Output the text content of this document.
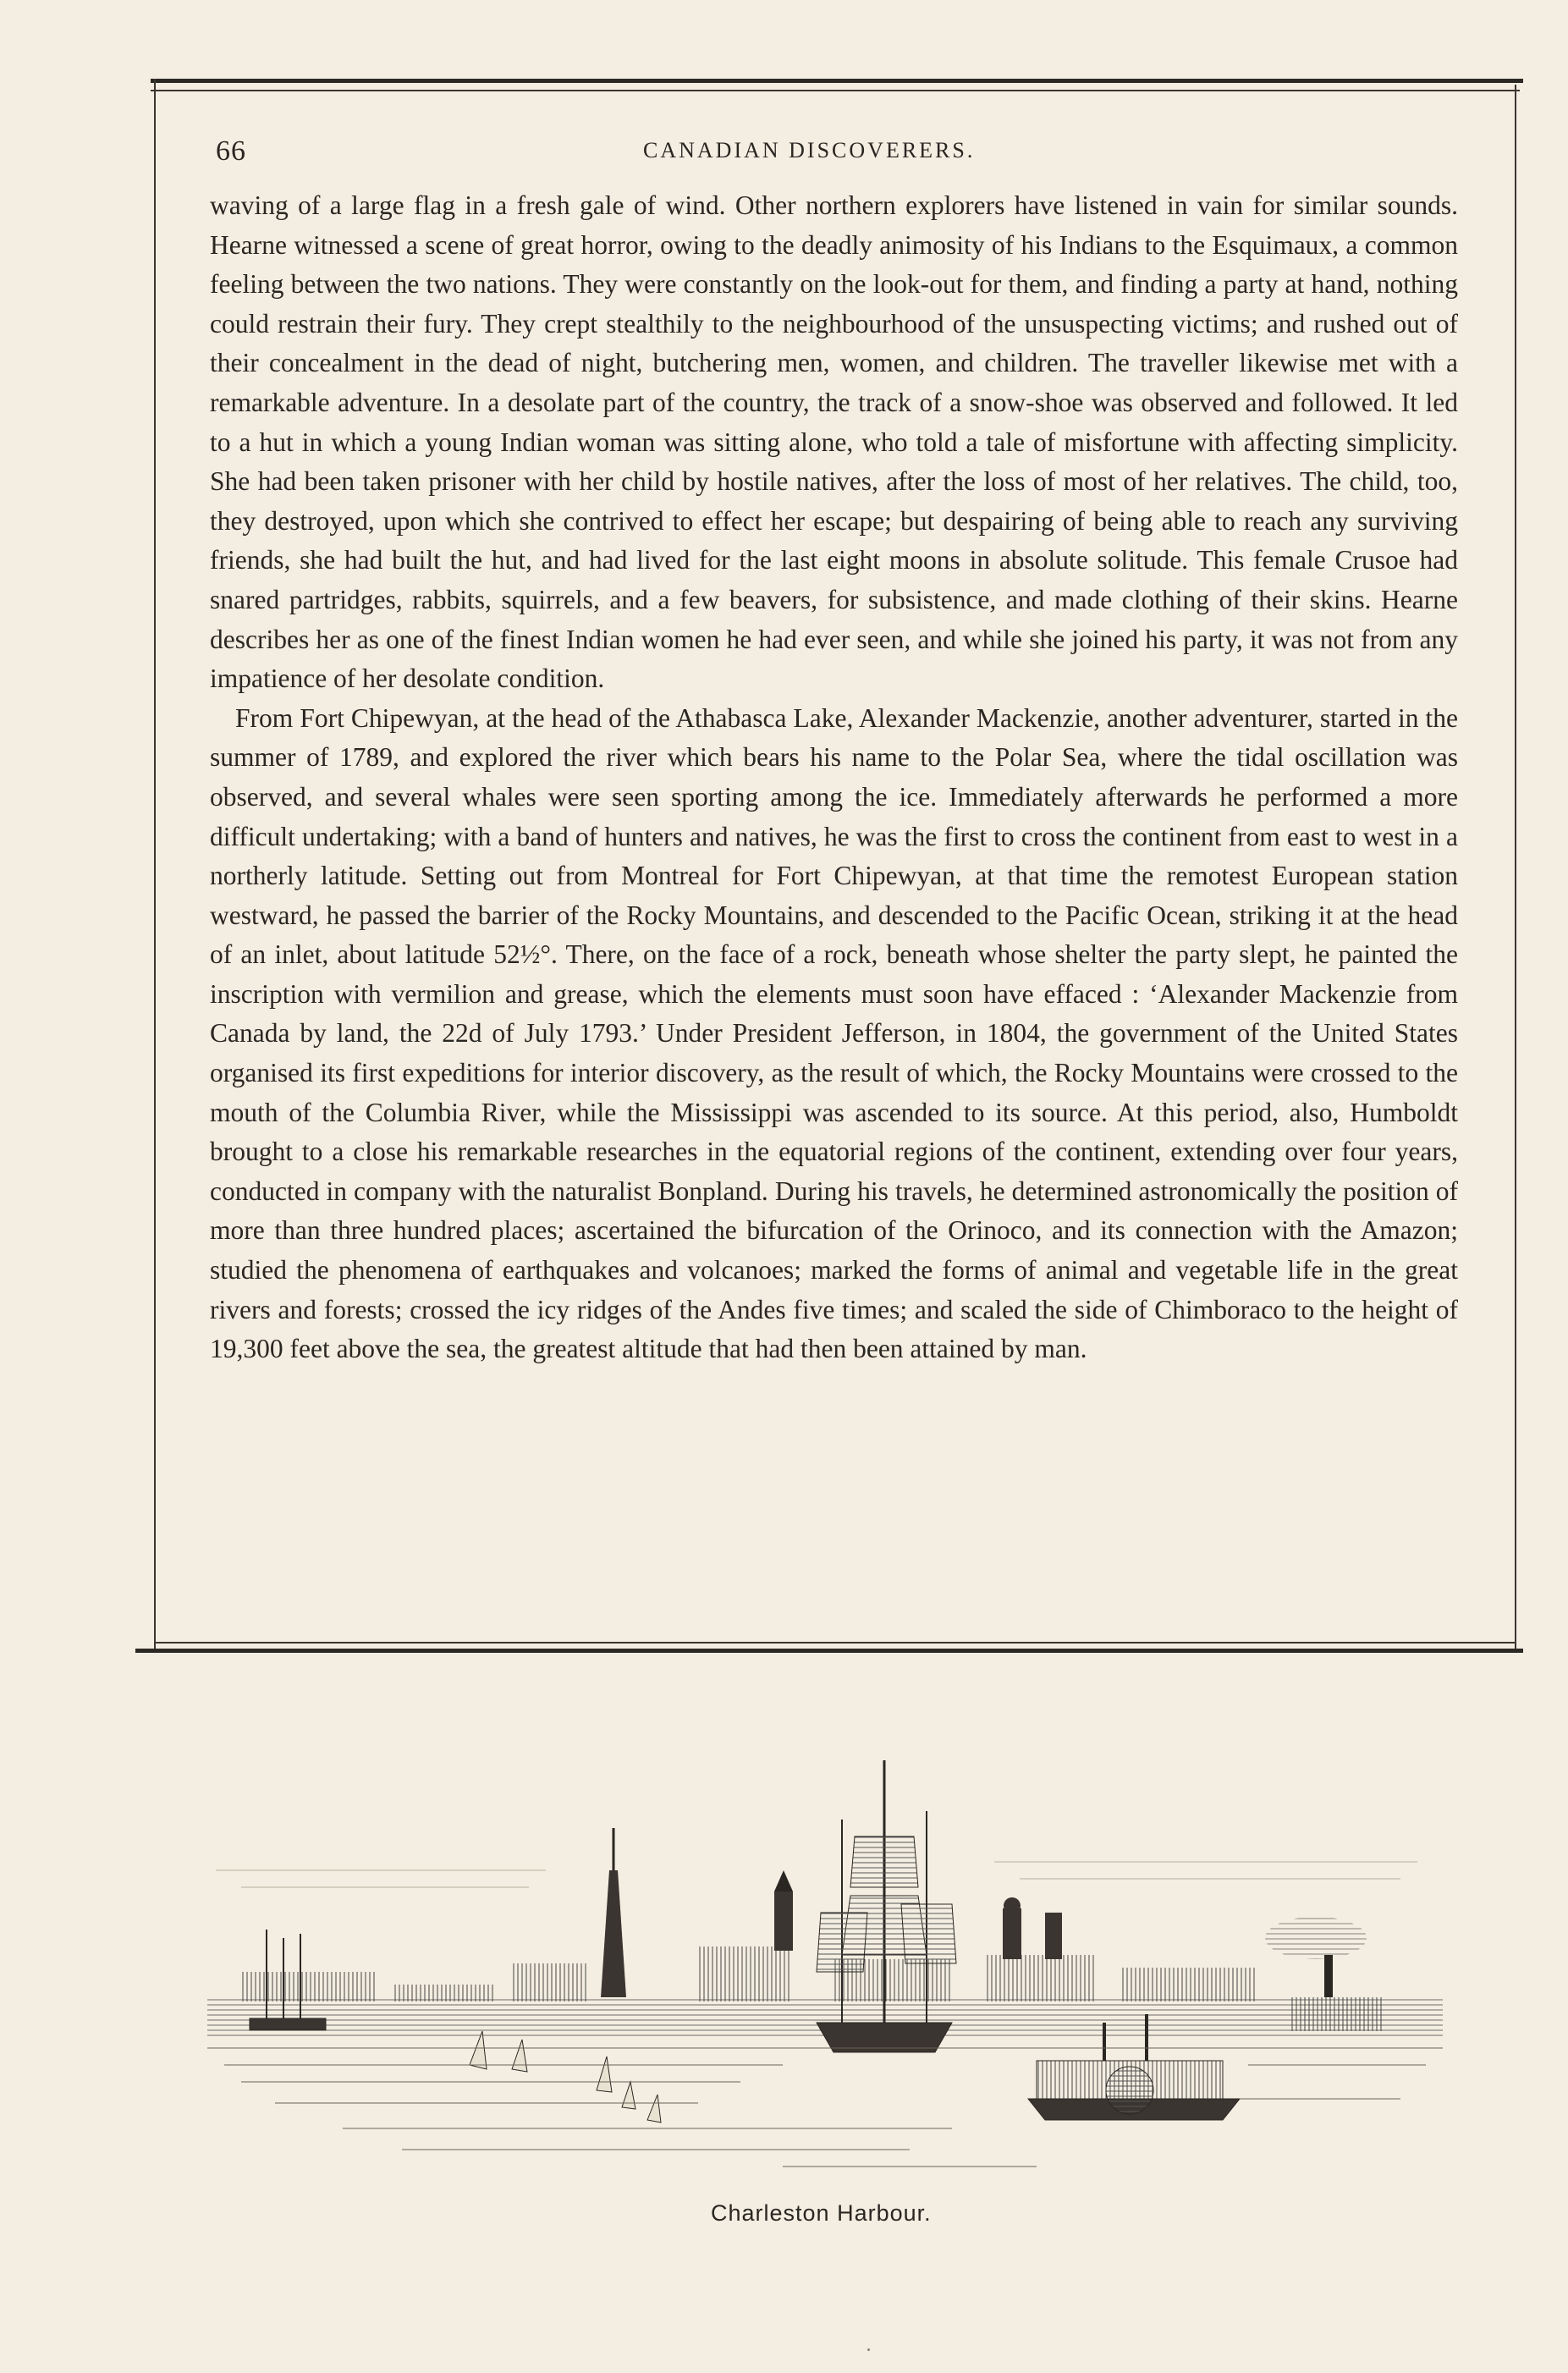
66	CANADIAN DISCOVERERS.

waving of a large flag in a fresh gale of wind. Other northern explorers have listened in vain for similar sounds. Hearne witnessed a scene of great horror, owing to the deadly animosity of his Indians to the Esquimaux, a common feeling between the two nations. They were constantly on the look-out for them, and finding a party at hand, nothing could restrain their fury. They crept stealthily to the neighbourhood of the unsuspecting victims; and rushed out of their concealment in the dead of night, butchering men, women, and children. The traveller likewise met with a remarkable adventure. In a desolate part of the country, the track of a snow-shoe was observed and followed. It led to a hut in which a young Indian woman was sitting alone, who told a tale of misfortune with affecting simplicity. She had been taken prisoner with her child by hostile natives, after the loss of most of her relatives. The child, too, they destroyed, upon which she contrived to effect her escape; but despairing of being able to reach any surviving friends, she had built the hut, and had lived for the last eight moons in absolute solitude. This female Crusoe had snared partridges, rabbits, squirrels, and a few beavers, for subsistence, and made clothing of their skins. Hearne describes her as one of the finest Indian women he had ever seen, and while she joined his party, it was not from any impatience of her desolate condition.

From Fort Chipewyan, at the head of the Athabasca Lake, Alexander Mackenzie, another adventurer, started in the summer of 1789, and explored the river which bears his name to the Polar Sea, where the tidal oscillation was observed, and several whales were seen sporting among the ice. Immediately afterwards he performed a more difficult undertaking; with a band of hunters and natives, he was the first to cross the continent from east to west in a northerly latitude. Setting out from Montreal for Fort Chipewyan, at that time the remotest European station westward, he passed the barrier of the Rocky Mountains, and descended to the Pacific Ocean, striking it at the head of an inlet, about latitude 52½°. There, on the face of a rock, beneath whose shelter the party slept, he painted the inscription with vermilion and grease, which the elements must soon have effaced : ‘Alexander Mackenzie from Canada by land, the 22d of July 1793.’ Under President Jefferson, in 1804, the government of the United States organised its first expeditions for interior discovery, as the result of which, the Rocky Mountains were crossed to the mouth of the Columbia River, while the Mississippi was ascended to its source. At this period, also, Humboldt brought to a close his remarkable researches in the equatorial regions of the continent, extending over four years, conducted in company with the naturalist Bonpland. During his travels, he determined astronomically the position of more than three hundred places; ascertained the bifurcation of the Orinoco, and its connection with the Amazon; studied the phenomena of earthquakes and volcanoes; marked the forms of animal and vegetable life in the great rivers and forests; crossed the icy ridges of the Andes five times; and scaled the side of Chimboraco to the height of 19,300 feet above the sea, the greatest altitude that had then been attained by man.

Charleston Harbour.
